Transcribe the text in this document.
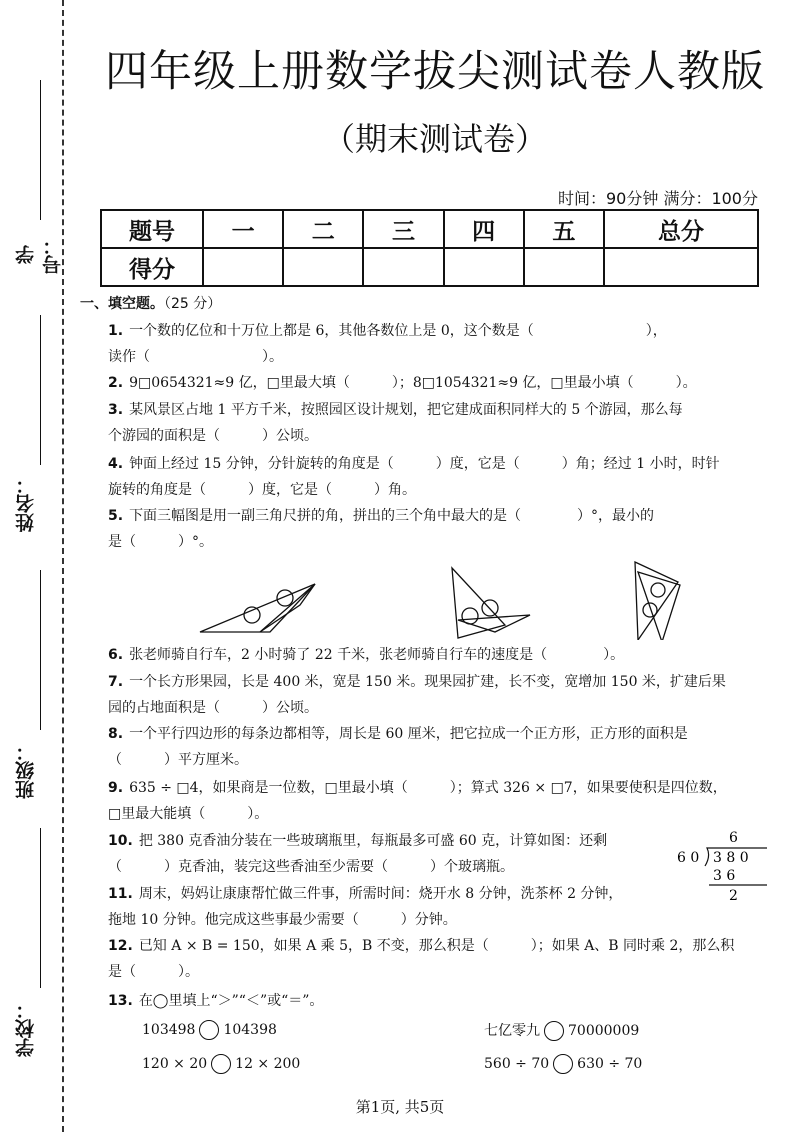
学号：
姓名：
班级：
学校：
四年级上册数学拔尖测试卷人教版
（期末测试卷）
时间：90分钟 满分：100分
题号	一	二	三	四	五	总分
得分						
一、填空题。（25 分）
1. 一个数的亿位和十万位上都是 6，其他各数位上是 0，这个数是（　　　　　　　　），
读作（　　　　　　　　）。
2. 9□0654321≈9 亿，□里最大填（　　　）；8□1054321≈9 亿，□里最小填（　　　）。
3. 某风景区占地 1 平方千米，按照园区设计规划，把它建成面积同样大的 5 个游园，那么每
个游园的面积是（　　　）公顷。
4. 钟面上经过 15 分钟，分针旋转的角度是（　　　）度，它是（　　　）角；经过 1 小时，时针
旋转的角度是（　　　）度，它是（　　　）角。
5. 下面三幅图是用一副三角尺拼的角，拼出的三个角中最大的是（　　　　）°，最小的
是（　　　）°。
6. 张老师骑自行车，2 小时骑了 22 千米，张老师骑自行车的速度是（　　　　）。
7. 一个长方形果园，长是 400 米，宽是 150 米。现果园扩建，长不变，宽增加 150 米，扩建后果
园的占地面积是（　　　）公顷。
8. 一个平行四边形的每条边都相等，周长是 60 厘米，把它拉成一个正方形，正方形的面积是
（　　　）平方厘米。
9. 635 ÷ □4，如果商是一位数，□里最小填（　　　）；算式 326 × □7，如果要使积是四位数，
□里最大能填（　　　）。
10. 把 380 克香油分装在一些玻璃瓶里，每瓶最多可盛 60 克，计算如图：还剩
（　　　）克香油，装完这些香油至少需要（　　　）个玻璃瓶。
6
6 0 3 8 0
3 6
2
11. 周末，妈妈让康康帮忙做三件事，所需时间：烧开水 8 分钟，洗茶杯 2 分钟，
拖地 10 分钟。他完成这些事最少需要（　　　）分钟。
12. 已知 A × B = 150，如果 A 乘 5，B 不变，那么积是（　　　）；如果 A、B 同时乘 2，那么积
是（　　　）。
13. 在◯里填上“＞”“＜”或“＝”。
103498 104398	七亿零九 70000009
120 × 20 12 × 200	560 ÷ 70 630 ÷ 70
第1页, 共5页
